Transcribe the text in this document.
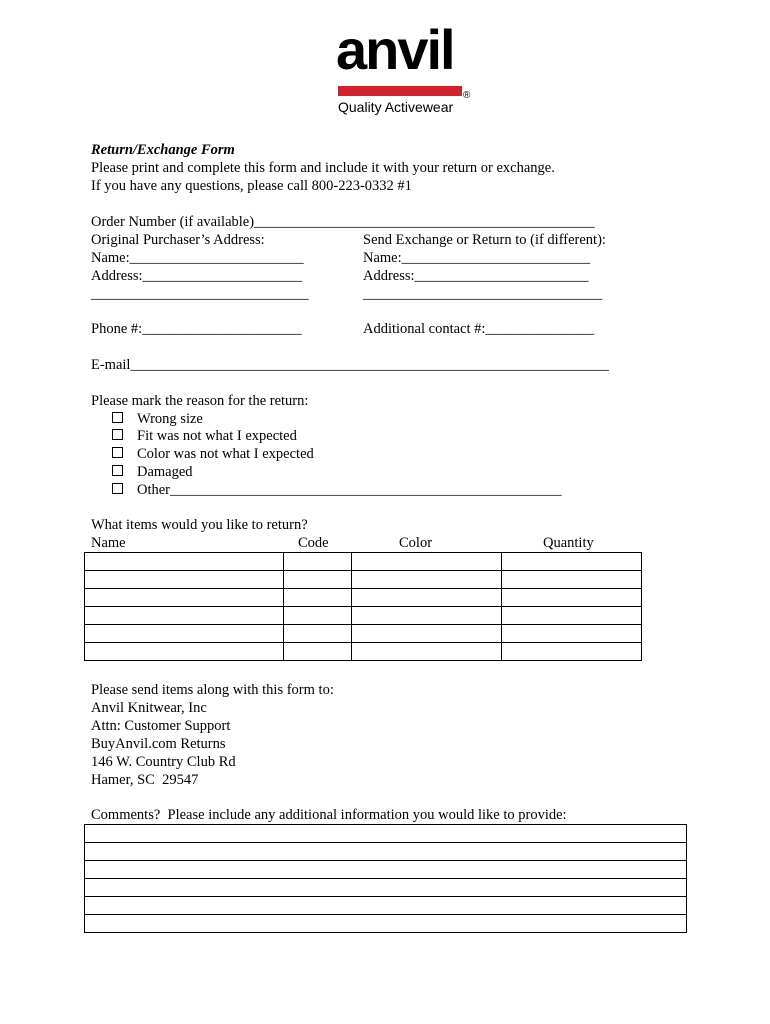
anvil
®
Quality Activewear
Return/Exchange Form
Please print and complete this form and include it with your return or exchange.
If you have any questions, please call 800-223-0332 #1
Order Number (if available)_______________________________________________
Original Purchaser’s Address:	Send Exchange or Return to (if different):
Name:________________________	Name:__________________________
Address:______________________	Address:________________________
______________________________	_________________________________
Phone #:______________________	Additional contact #:_______________
E-mail__________________________________________________________________
Please mark the reason for the return:
Wrong size
Fit was not what I expected
Color was not what I expected
Damaged
Other______________________________________________________
What items would you like to return?
Name	Code	Color	Quantity

Please send items along with this form to:
Anvil Knitwear, Inc
Attn: Customer Support
BuyAnvil.com Returns
146 W. Country Club Rd
Hamer, SC  29547
Comments?  Please include any additional information you would like to provide:
